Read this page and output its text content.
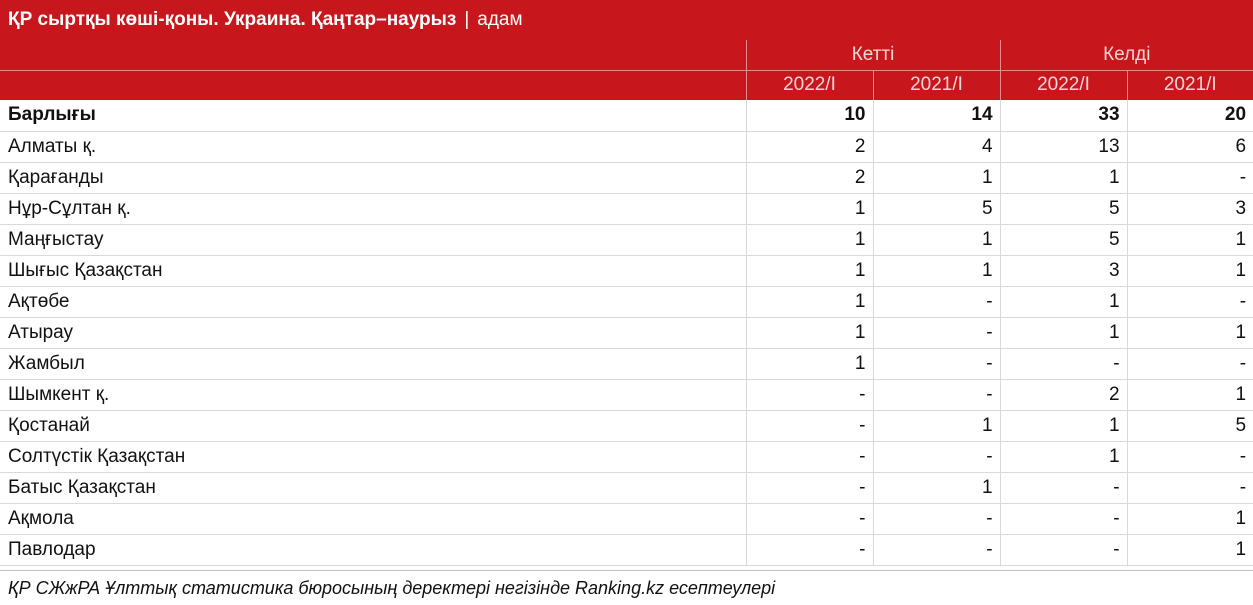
ҚР сыртқы көші-қоны. Украина. Қаңтар–наурыз | адам
	Кетті		Келді	
	2022/I	2021/I	2022/I	2021/I
Барлығы	10	14	33	20
Алматы қ.	2	4	13	6
Қарағанды	2	1	1	-
Нұр-Сұлтан қ.	1	5	5	3
Маңғыстау	1	1	5	1
Шығыс Қазақстан	1	1	3	1
Ақтөбе	1	-	1	-
Атырау	1	-	1	1
Жамбыл	1	-	-	-
Шымкент қ.	-	-	2	1
Қостанай	-	1	1	5
Солтүстік Қазақстан	-	-	1	-
Батыс Қазақстан	-	1	-	-
Ақмола	-	-	-	1
Павлодар	-	-	-	1
ҚР СЖжРА Ұлттық статистика бюросының деректері негізінде Ranking.kz есептеулері
